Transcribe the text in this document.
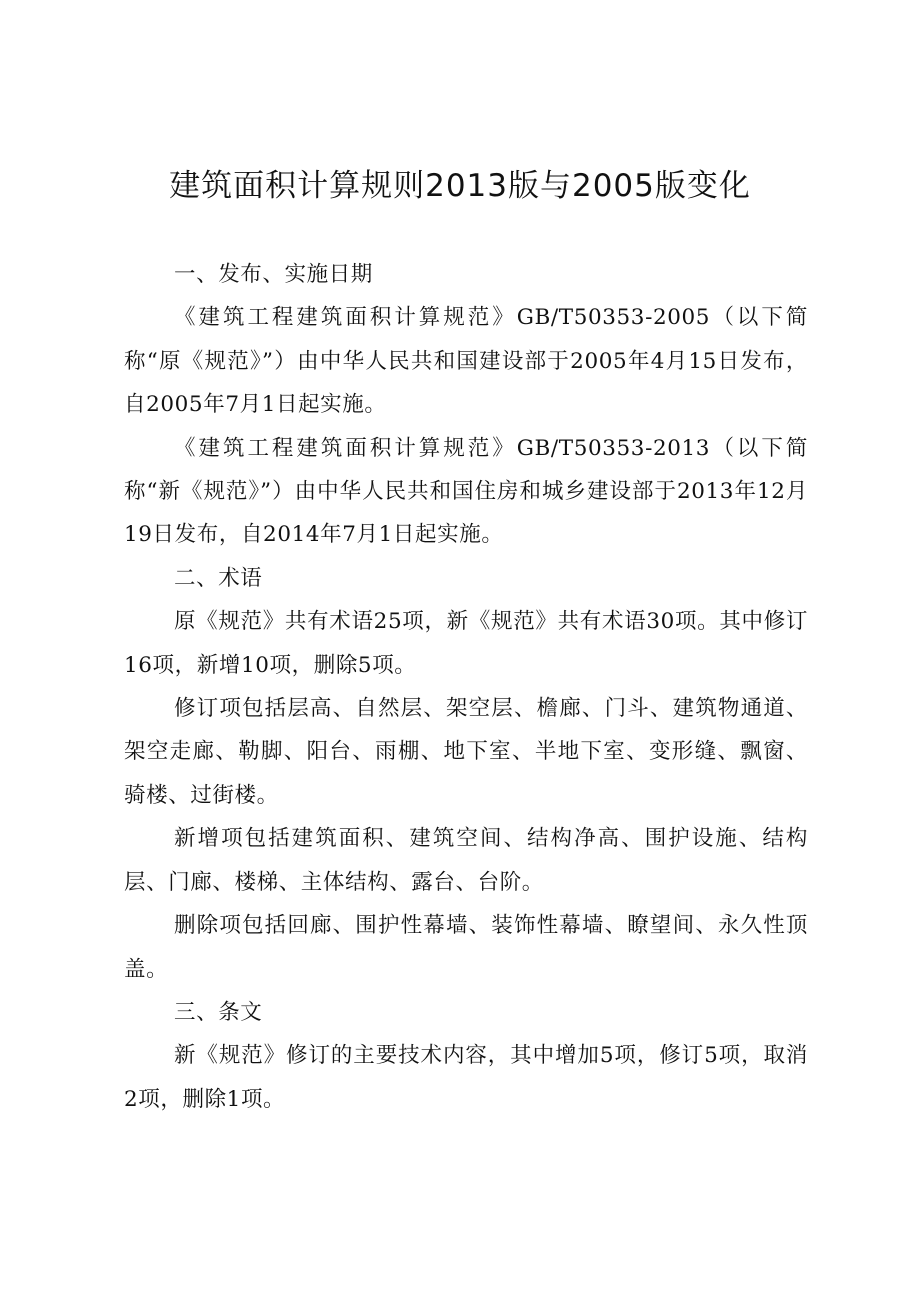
建筑面积计算规则2013版与2005版变化

一、发布、实施日期

《建筑工程建筑面积计算规范》GB/T50353-2005（以下简称“原《规范》”）由中华人民共和国建设部于2005年4月15日发布，自2005年7月1日起实施。

《建筑工程建筑面积计算规范》GB/T50353-2013（以下简称“新《规范》”）由中华人民共和国住房和城乡建设部于2013年12月19日发布，自2014年7月1日起实施。

二、术语

原《规范》共有术语25项，新《规范》共有术语30项。其中修订16项，新增10项，删除5项。

修订项包括层高、自然层、架空层、檐廊、门斗、建筑物通道、架空走廊、勒脚、阳台、雨棚、地下室、半地下室、变形缝、飘窗、骑楼、过街楼。

新增项包括建筑面积、建筑空间、结构净高、围护设施、结构层、门廊、楼梯、主体结构、露台、台阶。

删除项包括回廊、围护性幕墙、装饰性幕墙、瞭望间、永久性顶盖。

三、条文

新《规范》修订的主要技术内容，其中增加5项，修订5项，取消2项，删除1项。
